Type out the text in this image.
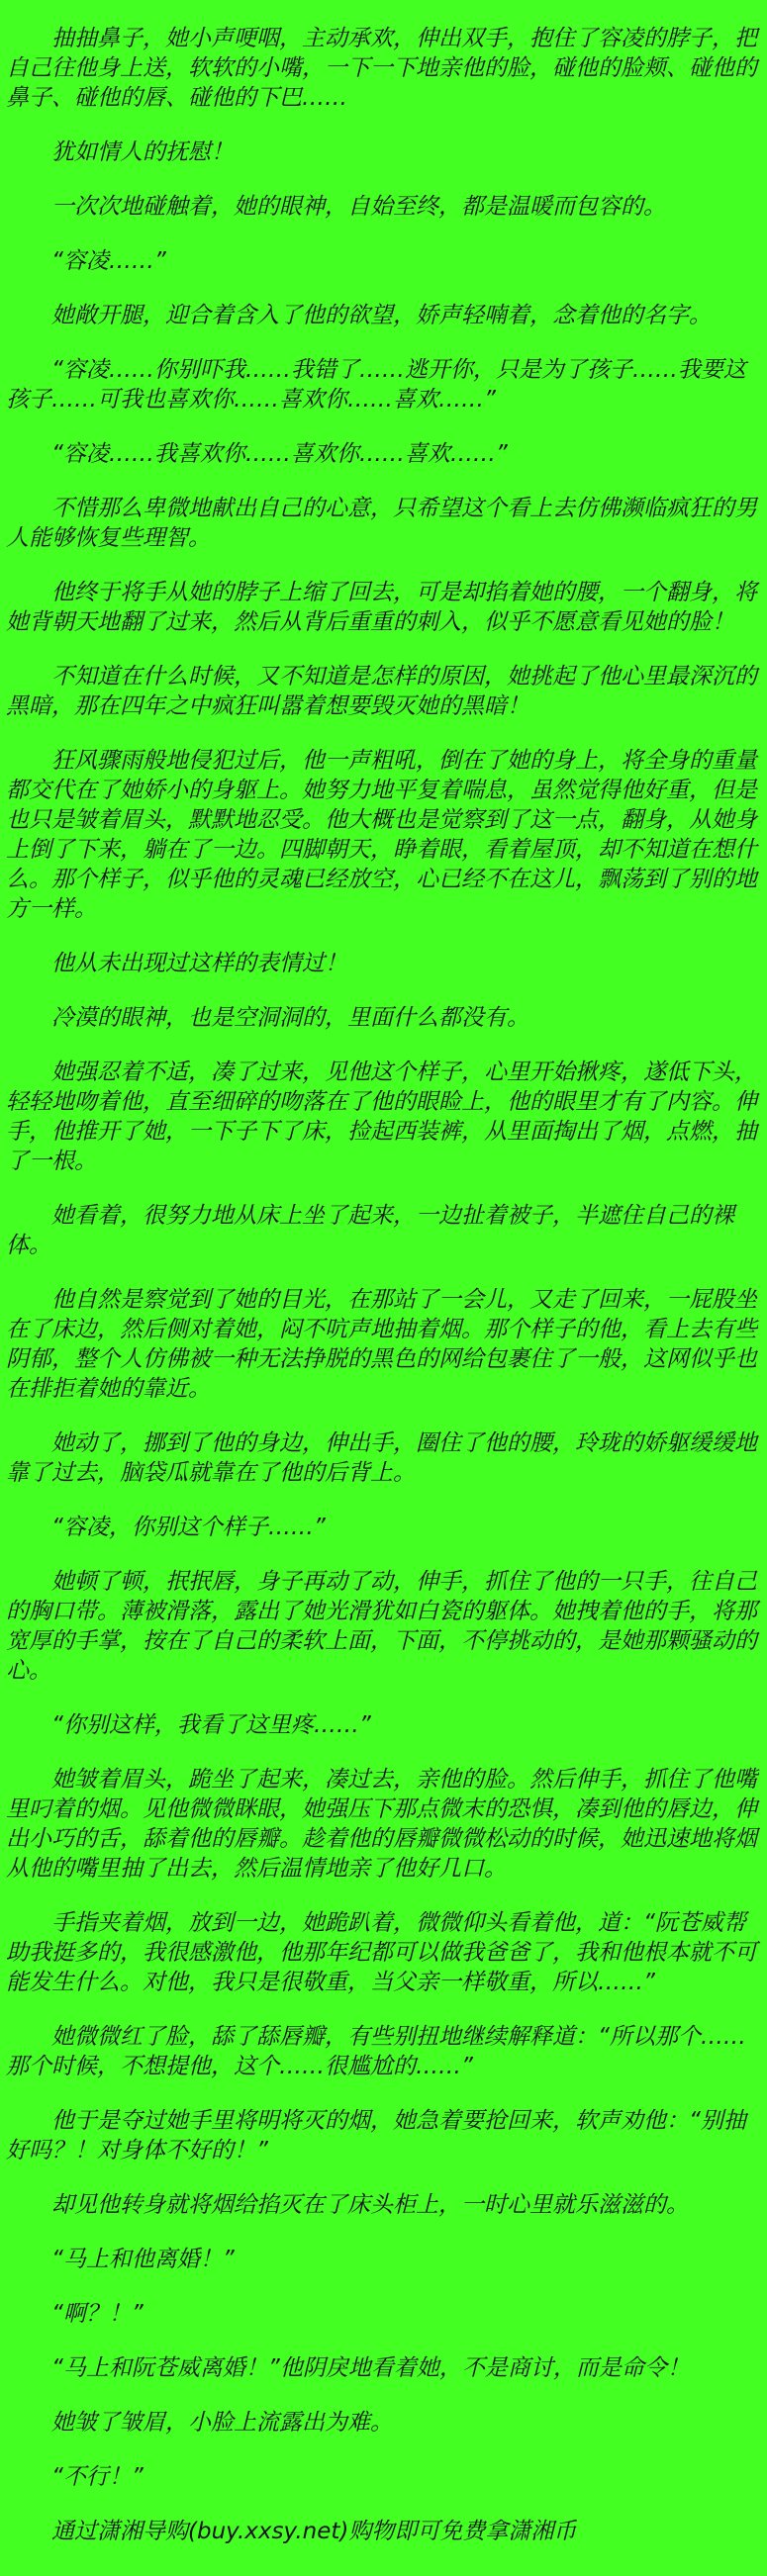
抽抽鼻子，她小声哽咽，主动承欢，伸出双手，抱住了容凌的脖子，把自己往他身上送，软软的小嘴，一下一下地亲他的脸，碰他的脸颊、碰他的鼻子、碰他的唇、碰他的下巴……

犹如情人的抚慰！

一次次地碰触着，她的眼神，自始至终，都是温暖而包容的。

“容凌……”

她敞开腿，迎合着含入了他的欲望，娇声轻喃着，念着他的名字。

“容凌……你别吓我……我错了……逃开你，只是为了孩子……我要这孩子……可我也喜欢你……喜欢你……喜欢……”

“容凌……我喜欢你……喜欢你……喜欢……”

不惜那么卑微地献出自己的心意，只希望这个看上去仿佛濒临疯狂的男人能够恢复些理智。

他终于将手从她的脖子上缩了回去，可是却掐着她的腰，一个翻身，将她背朝天地翻了过来，然后从背后重重的刺入，似乎不愿意看见她的脸！

不知道在什么时候，又不知道是怎样的原因，她挑起了他心里最深沉的黑暗，那在四年之中疯狂叫嚣着想要毁灭她的黑暗！

狂风骤雨般地侵犯过后，他一声粗吼，倒在了她的身上，将全身的重量都交代在了她娇小的身躯上。她努力地平复着喘息，虽然觉得他好重，但是也只是皱着眉头，默默地忍受。他大概也是觉察到了这一点，翻身，从她身上倒了下来，躺在了一边。四脚朝天，睁着眼，看着屋顶，却不知道在想什么。那个样子，似乎他的灵魂已经放空，心已经不在这儿，飘荡到了别的地方一样。

他从未出现过这样的表情过！

冷漠的眼神，也是空洞洞的，里面什么都没有。

她强忍着不适，凑了过来，见他这个样子，心里开始揪疼，遂低下头，轻轻地吻着他，直至细碎的吻落在了他的眼睑上，他的眼里才有了内容。伸手，他推开了她，一下子下了床，捡起西装裤，从里面掏出了烟，点燃，抽了一根。

她看着，很努力地从床上坐了起来，一边扯着被子，半遮住自己的裸体。

他自然是察觉到了她的目光，在那站了一会儿，又走了回来，一屁股坐在了床边，然后侧对着她，闷不吭声地抽着烟。那个样子的他，看上去有些阴郁，整个人仿佛被一种无法挣脱的黑色的网给包裹住了一般，这网似乎也在排拒着她的靠近。

她动了，挪到了他的身边，伸出手，圈住了他的腰，玲珑的娇躯缓缓地靠了过去，脑袋瓜就靠在了他的后背上。

“容凌，你别这个样子……”

她顿了顿，抿抿唇，身子再动了动，伸手，抓住了他的一只手，往自己的胸口带。薄被滑落，露出了她光滑犹如白瓷的躯体。她拽着他的手，将那宽厚的手掌，按在了自己的柔软上面，下面，不停挑动的，是她那颗骚动的心。

“你别这样，我看了这里疼……”

她皱着眉头，跪坐了起来，凑过去，亲他的脸。然后伸手，抓住了他嘴里叼着的烟。见他微微眯眼，她强压下那点微末的恐惧，凑到他的唇边，伸出小巧的舌，舔着他的唇瓣。趁着他的唇瓣微微松动的时候，她迅速地将烟从他的嘴里抽了出去，然后温情地亲了他好几口。

手指夹着烟，放到一边，她跪趴着，微微仰头看着他，道：“阮苍威帮助我挺多的，我很感激他，他那年纪都可以做我爸爸了，我和他根本就不可能发生什么。对他，我只是很敬重，当父亲一样敬重，所以……”

她微微红了脸，舔了舔唇瓣，有些别扭地继续解释道：“所以那个……那个时候，不想提他，这个……很尴尬的……”

他于是夺过她手里将明将灭的烟，她急着要抢回来，软声劝他：“别抽好吗？！对身体不好的！”

却见他转身就将烟给掐灭在了床头柜上，一时心里就乐滋滋的。

“马上和他离婚！”

“啊？！”

“马上和阮苍威离婚！”他阴戾地看着她，不是商讨，而是命令！

她皱了皱眉，小脸上流露出为难。

“不行！”

通过潇湘导购(buy.xxsy.net)购物即可免费拿潇湘币
